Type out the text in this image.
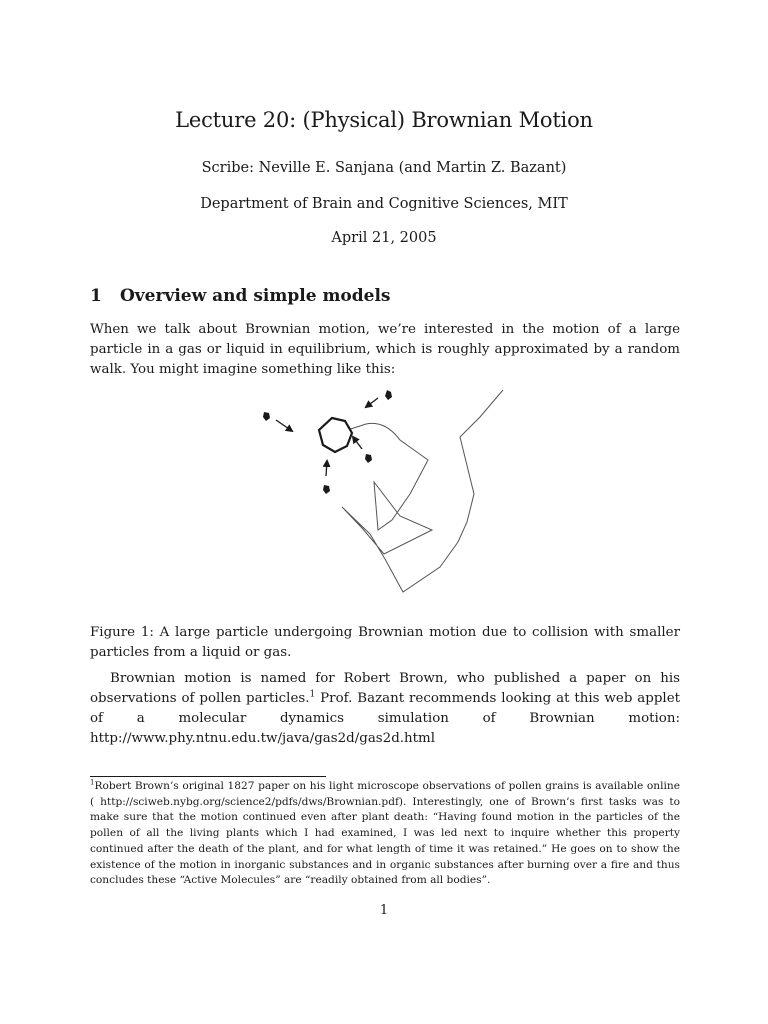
Lecture 20: (Physical) Brownian Motion
Scribe: Neville E. Sanjana (and Martin Z. Bazant)
Department of Brain and Cognitive Sciences, MIT
April 21, 2005
1 Overview and simple models
When we talk about Brownian motion, we’re interested in the motion of a large particle in a gas or liquid in equilibrium, which is roughly approximated by a random walk. You might imagine something like this:
Figure 1: A large particle undergoing Brownian motion due to collision with smaller particles from a liquid or gas.
Brownian motion is named for Robert Brown, who published a paper on his observations of pollen particles.$^1$ Prof. Bazant recommends looking at this web applet of a molecular dynamics simulation of Brownian motion: http://www.phy.ntnu.edu.tw/java/gas2d/gas2d.html
$^1$Robert Brown’s original 1827 paper on his light microscope observations of pollen grains is available online ( http://sciweb.nybg.org/science2/pdfs/dws/Brownian.pdf). Interestingly, one of Brown’s first tasks was to make sure that the motion continued even after plant death: “Having found motion in the particles of the pollen of all the living plants which I had examined, I was led next to inquire whether this property continued after the death of the plant, and for what length of time it was retained.” He goes on to show the existence of the motion in inorganic substances and in organic substances after burning over a fire and thus concludes these “Active Molecules” are “readily obtained from all bodies”.
1
